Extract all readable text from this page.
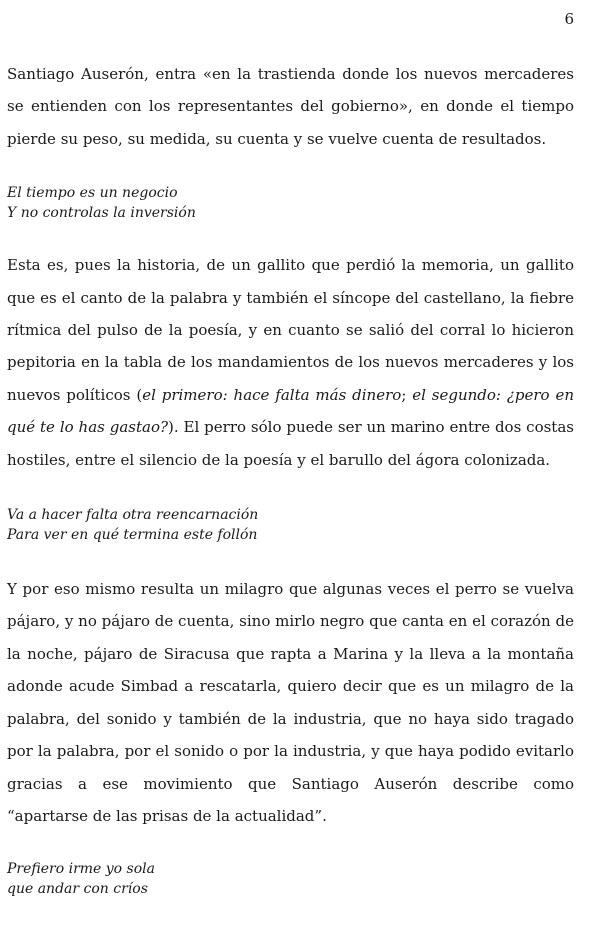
6

Santiago Auserón, entra «en la trastienda donde los nuevos mercaderes se entienden con los representantes del gobierno», en donde el tiempo pierde su peso, su medida, su cuenta y se vuelve cuenta de resultados.

El tiempo es un negocio
Y no controlas la inversión

Esta es, pues la historia, de un gallito que perdió la memoria, un gallito que es el canto de la palabra y también el síncope del castellano, la fiebre rítmica del pulso de la poesía, y en cuanto se salió del corral lo hicieron pepitoria en la tabla de los mandamientos de los nuevos mercaderes y los nuevos políticos (el primero: hace falta más dinero; el segundo: ¿pero en qué te lo has gastao?). El perro sólo puede ser un marino entre dos costas hostiles, entre el silencio de la poesía y el barullo del ágora colonizada.

Va a hacer falta otra reencarnación
Para ver en qué termina este follón

Y por eso mismo resulta un milagro que algunas veces el perro se vuelva pájaro, y no pájaro de cuenta, sino mirlo negro que canta en el corazón de la noche, pájaro de Siracusa que rapta a Marina y la lleva a la montaña adonde acude Simbad a rescatarla, quiero decir que es un milagro de la palabra, del sonido y también de la industria, que no haya sido tragado por la palabra, por el sonido o por la industria, y que haya podido evitarlo gracias a ese movimiento que Santiago Auserón describe como “apartarse de las prisas de la actualidad”.

Prefiero irme yo sola
que andar con críos
